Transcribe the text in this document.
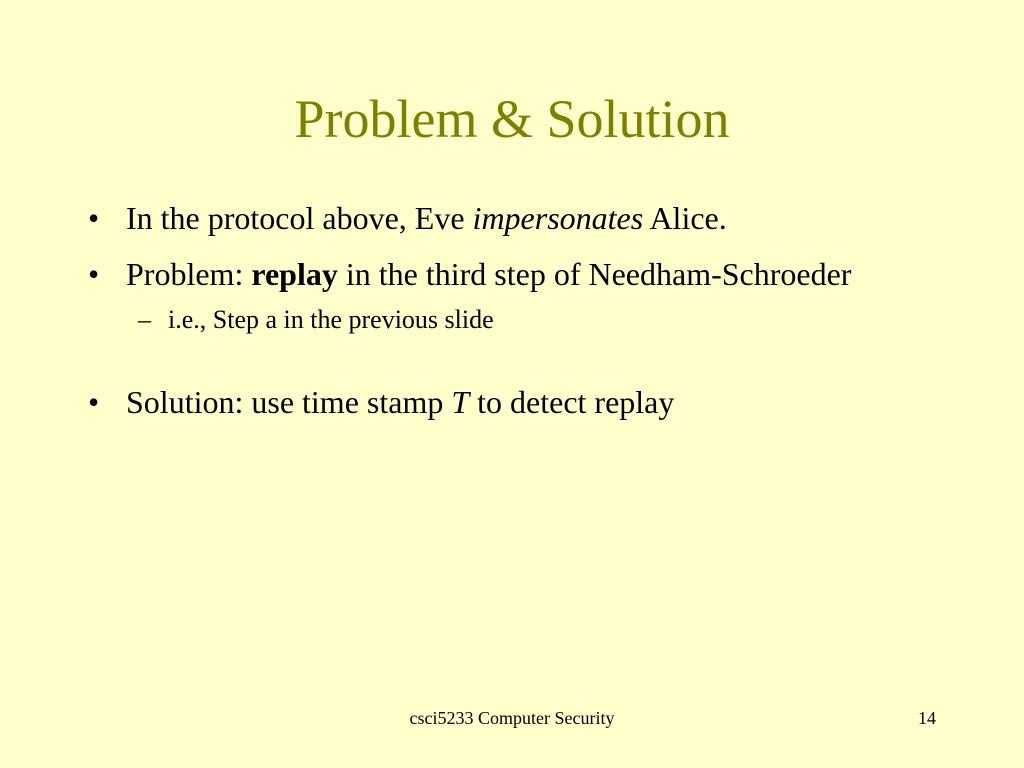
Problem & Solution
• In the protocol above, Eve impersonates Alice.
• Problem: replay in the third step of Needham-Schroeder
– i.e., Step a in the previous slide
• Solution: use time stamp T to detect replay
csci5233 Computer Security	14
